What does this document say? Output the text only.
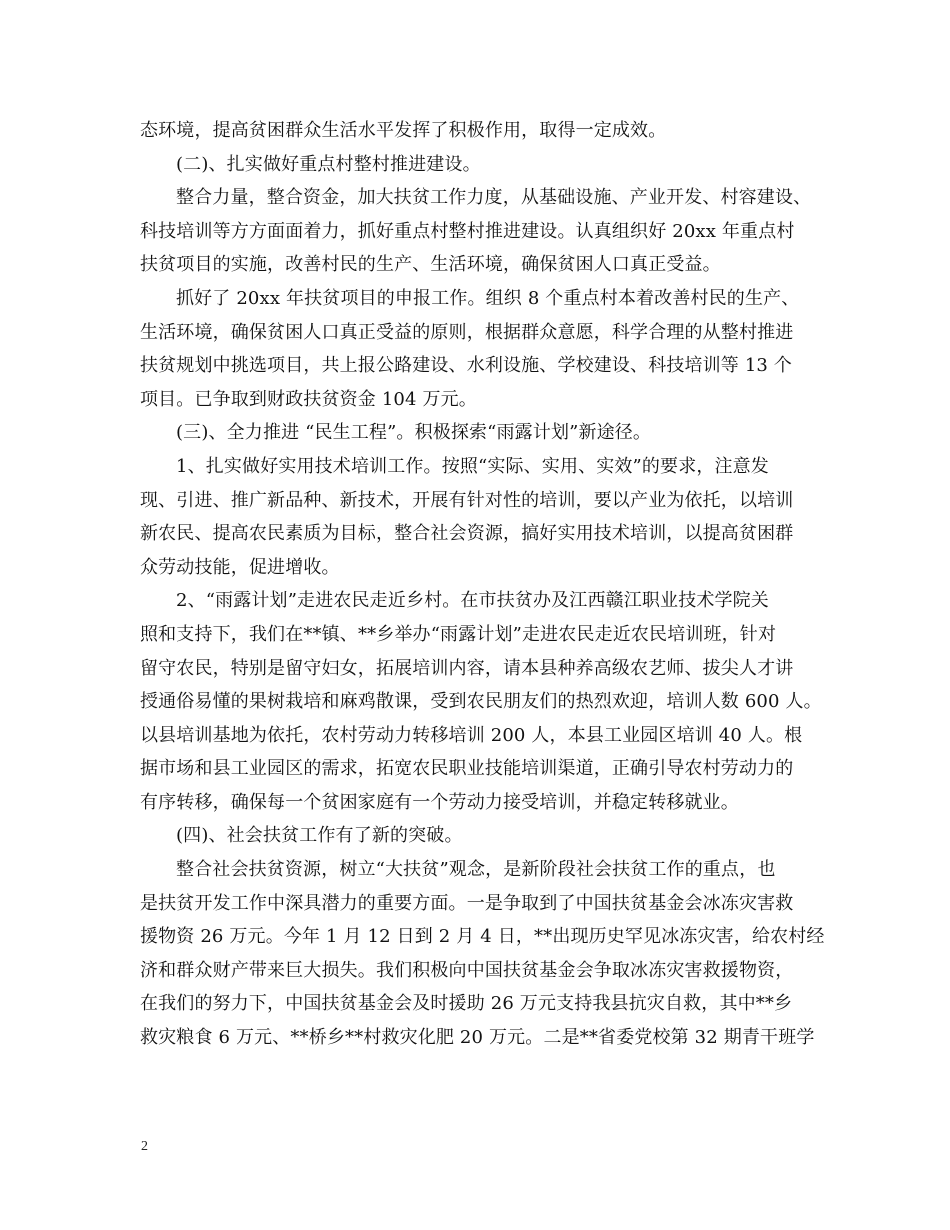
态环境，提高贫困群众生活水平发挥了积极作用，取得一定成效。

(二)、扎实做好重点村整村推进建设。

整合力量，整合资金，加大扶贫工作力度，从基础设施、产业开发、村容建设、

科技培训等方方面面着力，抓好重点村整村推进建设。认真组织好 20xx 年重点村

扶贫项目的实施，改善村民的生产、生活环境，确保贫困人口真正受益。

抓好了 20xx 年扶贫项目的申报工作。组织 8 个重点村本着改善村民的生产、

生活环境，确保贫困人口真正受益的原则，根据群众意愿，科学合理的从整村推进

扶贫规划中挑选项目，共上报公路建设、水利设施、学校建设、科技培训等 13 个

项目。已争取到财政扶贫资金 104 万元。

(三)、全力推进 “民生工程”。积极探索“雨露计划”新途径。

1、扎实做好实用技术培训工作。按照“实际、实用、实效”的要求，注意发

现、引进、推广新品种、新技术，开展有针对性的培训，要以产业为依托，以培训

新农民、提高农民素质为目标，整合社会资源，搞好实用技术培训，以提高贫困群

众劳动技能，促进增收。

2、“雨露计划”走进农民走近乡村。在市扶贫办及江西赣江职业技术学院关

照和支持下，我们在**镇、**乡举办“雨露计划”走进农民走近农民培训班，针对

留守农民，特别是留守妇女，拓展培训内容，请本县种养高级农艺师、拔尖人才讲

授通俗易懂的果树栽培和麻鸡散课，受到农民朋友们的热烈欢迎，培训人数 600 人。

以县培训基地为依托，农村劳动力转移培训 200 人，本县工业园区培训 40 人。根

据市场和县工业园区的需求，拓宽农民职业技能培训渠道，正确引导农村劳动力的

有序转移，确保每一个贫困家庭有一个劳动力接受培训，并稳定转移就业。

(四)、社会扶贫工作有了新的突破。

整合社会扶贫资源，树立“大扶贫”观念，是新阶段社会扶贫工作的重点，也

是扶贫开发工作中深具潜力的重要方面。一是争取到了中国扶贫基金会冰冻灾害救

援物资 26 万元。今年 1 月 12 日到 2 月 4 日，**出现历史罕见冰冻灾害，给农村经

济和群众财产带来巨大损失。我们积极向中国扶贫基金会争取冰冻灾害救援物资，

在我们的努力下，中国扶贫基金会及时援助 26 万元支持我县抗灾自救，其中**乡

救灾粮食 6 万元、**桥乡**村救灾化肥 20 万元。二是**省委党校第 32 期青干班学

2
